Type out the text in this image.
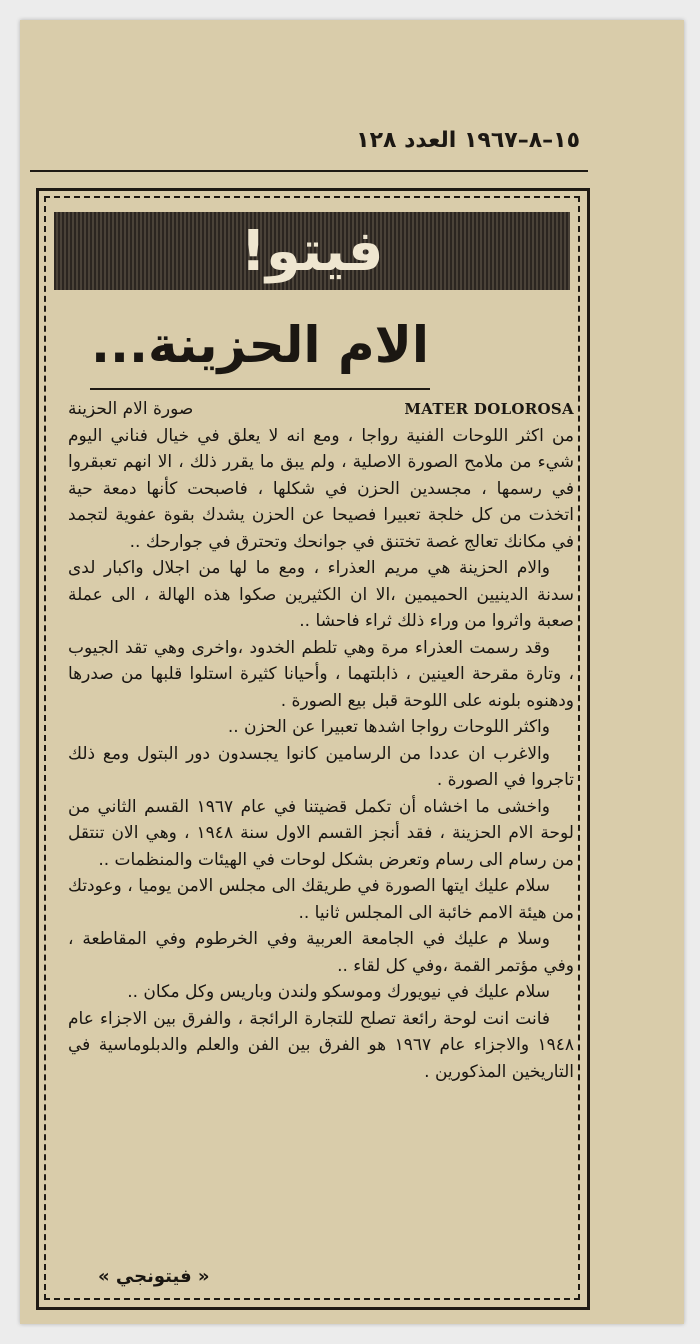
١٥–٨–١٩٦٧ العدد ١٢٨
فيتو!
الام الحزينة...
صورة الام الحزينة	MATER DOLOROSA

من اكثر اللوحات الفنية رواجا ، ومع انه لا يعلق في خيال فناني اليوم شيء من ملامح الصورة الاصلية ، ولم يبق ما يقرر ذلك ، الا انهم تعبقروا في رسمها ، مجسدين الحزن في شكلها ، فاصبحت كأنها دمعة حية اتخذت من كل خلجة تعبيرا فصيحا عن الحزن يشدك بقوة عفوية لتجمد في مكانك تعالج غصة تختنق في جوانحك وتحترق في جوارحك ..

والام الحزينة هي مريم العذراء ، ومع ما لها من اجلال واكبار لدى سدنة الدينيين الحميمين ،الا ان الكثيرين صكوا هذه الهالة ، الى عملة صعبة واثروا من وراء ذلك ثراء فاحشا ..

وقد رسمت العذراء مرة وهي تلطم الخدود ،واخرى وهي تقد الجيوب ، وتارة مقرحة العينين ، ذابلتهما ، وأحيانا كثيرة استلوا قلبها من صدرها ودهنوه بلونه على اللوحة قبل بيع الصورة .

واكثر اللوحات رواجا اشدها تعبيرا عن الحزن ..

والاغرب ان عددا من الرسامين كانوا يجسدون دور البتول ومع ذلك تاجروا في الصورة .

واخشى ما اخشاه أن تكمل قضيتنا في عام ١٩٦٧ القسم الثاني من لوحة الام الحزينة ، فقد أنجز القسم الاول سنة ١٩٤٨ ، وهي الان تنتقل من رسام الى رسام وتعرض بشكل لوحات في الهيئات والمنظمات ..

سلام عليك ايتها الصورة في طريقك الى مجلس الامن يوميا ، وعودتك من هيئة الامم خائبة الى المجلس ثانيا ..

وسلا م عليك في الجامعة العربية وفي الخرطوم وفي المقاطعة ، وفي مؤتمر القمة ،وفي كل لقاء ..

سلام عليك في نيويورك وموسكو ولندن وباريس وكل مكان ..

فانت انت لوحة رائعة تصلح للتجارة الرائجة ، والفرق بين الاجزاء عام ١٩٤٨ والاجزاء عام ١٩٦٧ هو الفرق بين الفن والعلم والدبلوماسية في التاريخين المذكورين .

« فيتونجي »
